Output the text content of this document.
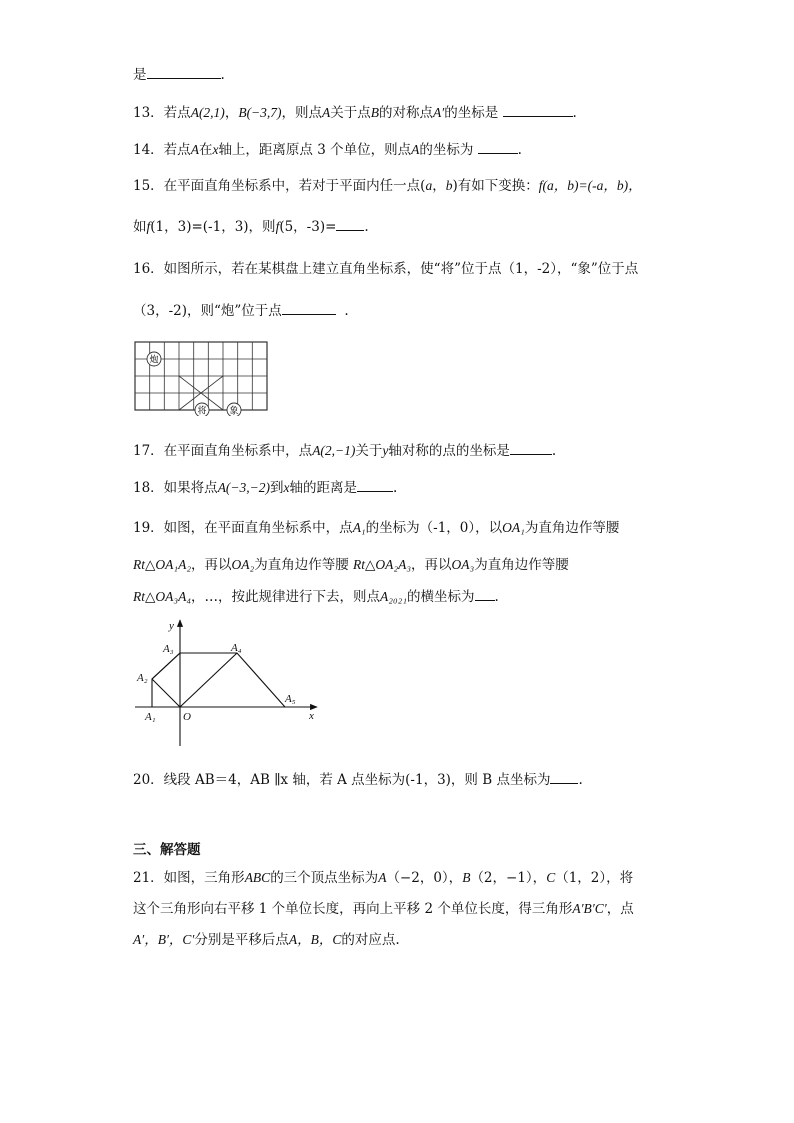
是	.
13．若点A(2,1)，B(−3,7)，则点A关于点B的对称点A′的坐标是	.
14．若点A在x轴上，距离原点 3 个单位，则点A的坐标为	.
15．在平面直角坐标系中，若对于平面内任一点(a，b)有如下变换：f(a，b)=(-a，b)，
如f(1，3)=(-1，3)，则f(5，-3)= .
16．如图所示，若在某棋盘上建立直角坐标系，使“将”位于点（1，-2），“象”位于点
（3，-2)，则“炮”位于点	.
炮
将	象
17．在平面直角坐标系中，点A(2,−1)关于y轴对称的点的坐标是	.
18．如果将点A(−3,−2)到x轴的距离是	.
19．如图，在平面直角坐标系中，点A₁的坐标为（-1，0），以OA₁为直角边作等腰
Rt△OA₁A₂，再以OA₂为直角边作等腰 Rt△OA₂A₃，再以OA₃为直角边作等腰
Rt△OA₃A₄，…，按此规律进行下去，则点A₂₀₂₁的横坐标为 .
y
x
O
A₁
A₂
A₃	A₄
A₅
20．线段 AB＝4，AB ∥x 轴，若 A 点坐标为(-1，3)，则 B 点坐标为 .
三、解答题
21．如图，三角形ABC的三个顶点坐标为A（−2，0），B（2，−1），C（1，2），将
这个三角形向右平移 1 个单位长度，再向上平移 2 个单位长度，得三角形A′B′C′，点
A′，B′，C′分别是平移后点A，B，C的对应点.
